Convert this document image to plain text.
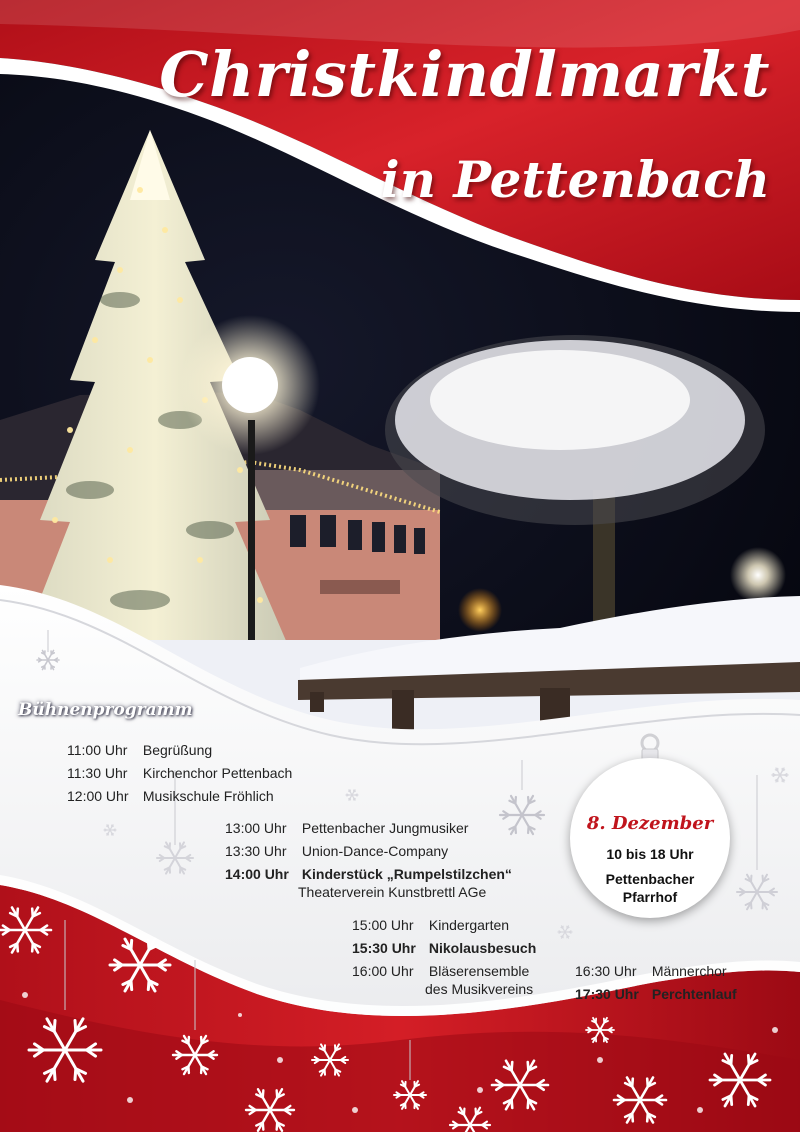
Christkindlmarkt
in Pettenbach
Bühnenprogramm
11:00 Uhr Begrüßung
11:30 Uhr Kirchenchor Pettenbach
12:00 Uhr Musikschule Fröhlich
13:00 Uhr Pettenbacher Jungmusiker
13:30 Uhr Union-Dance-Company
14:00 Uhr Kinderstück „Rumpelstilzchen“
Theaterverein Kunstbrettl AGe
15:00 Uhr Kindergarten
15:30 Uhr Nikolausbesuch
16:00 Uhr Bläserensemble
des Musikvereins
16:30 Uhr Männerchor
17:30 Uhr Perchtenlauf
8. Dezember
10 bis 18 Uhr
Pettenbacher
Pfarrhof
